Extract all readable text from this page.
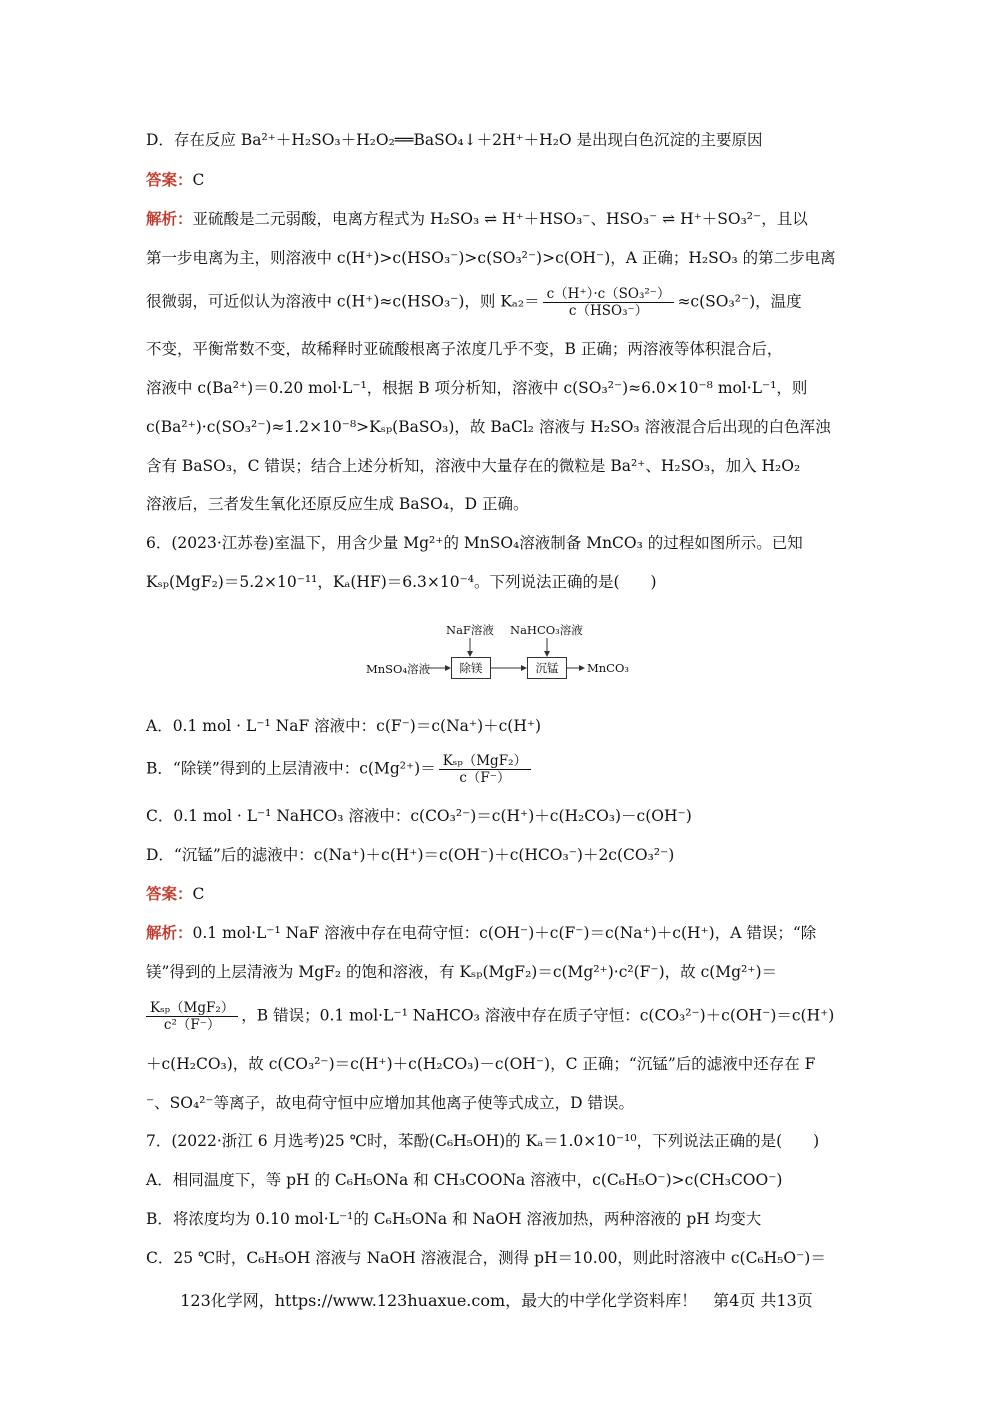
D．存在反应 Ba²⁺＋H₂SO₃＋H₂O₂══BaSO₄↓＋2H⁺＋H₂O 是出现白色沉淀的主要原因
答案：C
解析：亚硫酸是二元弱酸，电离方程式为 H₂SO₃ ⇌ H⁺＋HSO₃⁻、HSO₃⁻ ⇌ H⁺＋SO₃²⁻，且以
第一步电离为主，则溶液中 c(H⁺)>c(HSO₃⁻)>c(SO₃²⁻)>c(OH⁻)，A 正确；H₂SO₃ 的第二步电离
很微弱，可近似认为溶液中 c(H⁺)≈c(HSO₃⁻)，则 $K_{a2}= \frac{\text{c（H⁺）·c（SO₃²⁻）}}{\text{c（HSO₃⁻）}} \approx c(SO_3^{2-})$，温度
不变，平衡常数不变，故稀释时亚硫酸根离子浓度几乎不变，B 正确；两溶液等体积混合后，
溶液中 c(Ba²⁺)＝0.20 mol·L⁻¹，根据 B 项分析知，溶液中 c(SO₃²⁻)≈6.0×10⁻⁸ mol·L⁻¹，则
c(Ba²⁺)·c(SO₃²⁻)≈1.2×10⁻⁸>Kₛₚ(BaSO₃)，故 BaCl₂ 溶液与 H₂SO₃ 溶液混合后出现的白色浑浊
含有 BaSO₃，C 错误；结合上述分析知，溶液中大量存在的微粒是 Ba²⁺、H₂SO₃，加入 H₂O₂
溶液后，三者发生氧化还原反应生成 BaSO₄，D 正确。
6．(2023·江苏卷)室温下，用含少量 Mg²⁺的 MnSO₄溶液制备 MnCO₃ 的过程如图所示。已知
Kₛₚ(MgF₂)＝5.2×10⁻¹¹，Kₐ(HF)＝6.3×10⁻⁴。下列说法正确的是(　　)
NaF溶液 NaHCO₃溶液
MnSO₄溶液	除镁	沉锰	MnCO₃
A．0.1 mol · L⁻¹ NaF 溶液中：c(F⁻)＝c(Na⁺)＋c(H⁺)
B．“除镁”得到的上层清液中：$c(Mg^{2+})= \frac{\text{Kₛₚ（MgF₂）}}{c(F^-)}$
C．0.1 mol · L⁻¹ NaHCO₃ 溶液中：c(CO₃²⁻)＝c(H⁺)＋c(H₂CO₃)－c(OH⁻)
D．“沉锰”后的滤液中：c(Na⁺)＋c(H⁺)＝c(OH⁻)＋c(HCO₃⁻)＋2c(CO₃²⁻)
答案：C
解析：0.1 mol·L⁻¹ NaF 溶液中存在电荷守恒：c(OH⁻)＋c(F⁻)＝c(Na⁺)＋c(H⁺)，A 错误；“除
镁”得到的上层清液为 MgF₂ 的饱和溶液，有 Kₛₚ(MgF₂)＝c(Mg²⁺)·c²(F⁻)，故 c(Mg²⁺)＝
$\frac{\text{Kₛₚ（MgF₂）}}{\text{c²（F⁻）}}$ ，B 错误；0.1 mol·L⁻¹ NaHCO₃ 溶液中存在质子守恒：c(CO₃²⁻)＋c(OH⁻)＝c(H⁺)
＋c(H₂CO₃)，故 c(CO₃²⁻)＝c(H⁺)＋c(H₂CO₃)－c(OH⁻)，C 正确；“沉锰”后的滤液中还存在 F
⁻、SO₄²⁻等离子，故电荷守恒中应增加其他离子使等式成立，D 错误。
7．(2022·浙江 6 月选考)25 ℃时，苯酚(C₆H₅OH)的 Kₐ＝1.0×10⁻¹⁰，下列说法正确的是(　　)
A．相同温度下，等 pH 的 C₆H₅ONa 和 CH₃COONa 溶液中，c(C₆H₅O⁻)>c(CH₃COO⁻)
B．将浓度均为 0.10 mol·L⁻¹的 C₆H₅ONa 和 NaOH 溶液加热，两种溶液的 pH 均变大
C．25 ℃时，C₆H₅OH 溶液与 NaOH 溶液混合，测得 pH＝10.00，则此时溶液中 c(C₆H₅O⁻)＝
123化学网，https://www.123huaxue.com，最大的中学化学资料库！　第4页 共13页
